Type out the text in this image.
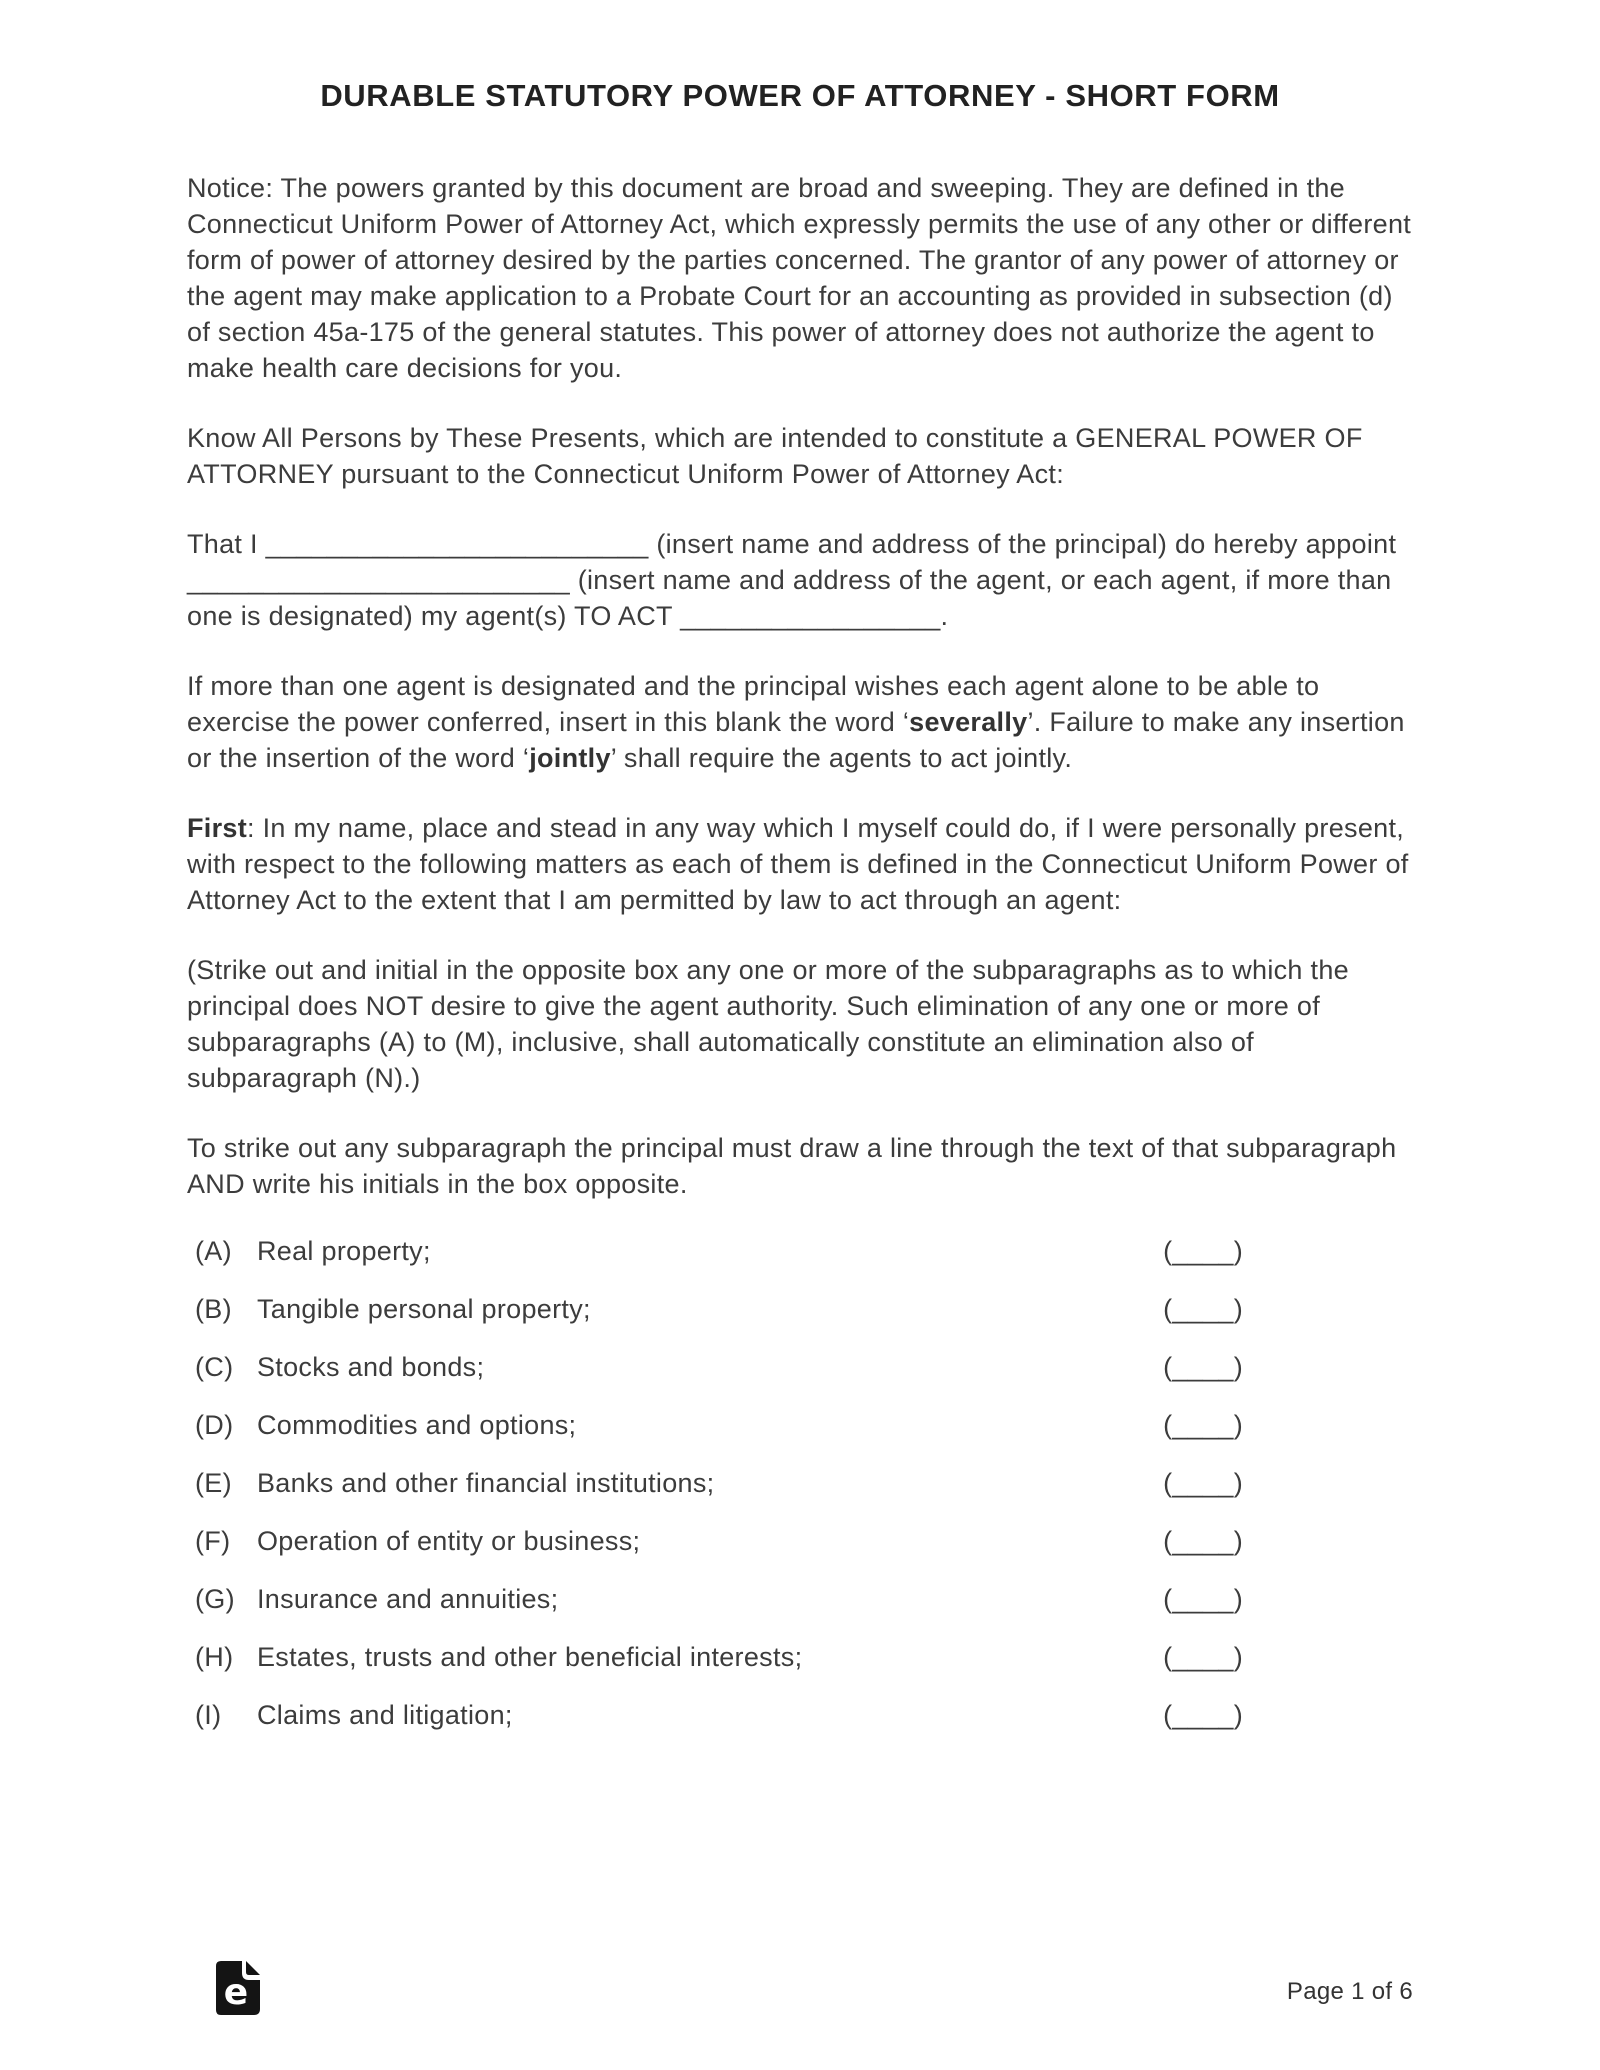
DURABLE STATUTORY POWER OF ATTORNEY - SHORT FORM

Notice: The powers granted by this document are broad and sweeping. They are defined in the Connecticut Uniform Power of Attorney Act, which expressly permits the use of any other or different form of power of attorney desired by the parties concerned. The grantor of any power of attorney or the agent may make application to a Probate Court for an accounting as provided in subsection (d) of section 45a-175 of the general statutes. This power of attorney does not authorize the agent to make health care decisions for you.

Know All Persons by These Presents, which are intended to constitute a GENERAL POWER OF ATTORNEY pursuant to the Connecticut Uniform Power of Attorney Act:

That I _________________________ (insert name and address of the principal) do hereby appoint _________________________ (insert name and address of the agent, or each agent, if more than one is designated) my agent(s) TO ACT _________________.

If more than one agent is designated and the principal wishes each agent alone to be able to exercise the power conferred, insert in this blank the word ‘severally’. Failure to make any insertion or the insertion of the word ‘jointly’ shall require the agents to act jointly.

First: In my name, place and stead in any way which I myself could do, if I were personally present, with respect to the following matters as each of them is defined in the Connecticut Uniform Power of Attorney Act to the extent that I am permitted by law to act through an agent:

(Strike out and initial in the opposite box any one or more of the subparagraphs as to which the principal does NOT desire to give the agent authority. Such elimination of any one or more of subparagraphs (A) to (M), inclusive, shall automatically constitute an elimination also of subparagraph (N).)

To strike out any subparagraph the principal must draw a line through the text of that subparagraph AND write his initials in the box opposite.

(A) Real property;	(____)
(B) Tangible personal property;	(____)
(C) Stocks and bonds;	(____)
(D) Commodities and options;	(____)
(E) Banks and other financial institutions;	(____)
(F) Operation of entity or business;	(____)
(G) Insurance and annuities;	(____)
(H) Estates, trusts and other beneficial interests;	(____)
(I)	Claims and litigation;	(____)
e	Page 1 of 6
